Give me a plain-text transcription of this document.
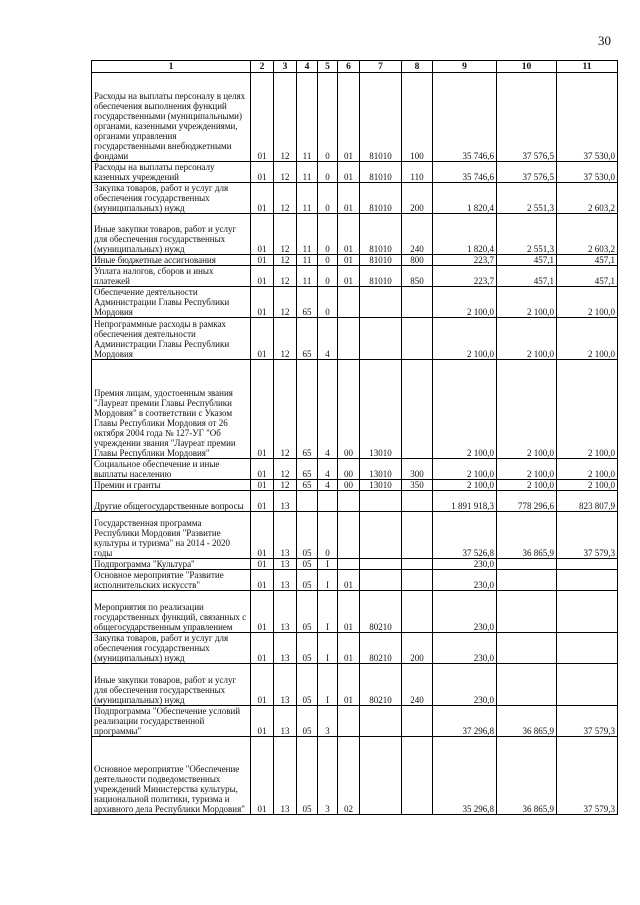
30
1	2	3	4	5	6	7	8	9	10	11
Расходы на выплаты персоналу в целях обеспечения выполнения функций государственными (муниципальными) органами, казенными учреждениями, органами управления государственными внебюджетными фондами	01	12	11	0	01	81010	100	35 746,6	37 576,5	37 530,0
Расходы на выплаты персоналу казенных учреждений	01	12	11	0	01	81010	110	35 746,6	37 576,5	37 530,0
Закупка товаров, работ и услуг для обеспечения государственных (муниципальных) нужд	01	12	11	0	01	81010	200	1 820,4	2 551,3	2 603,2
Иные закупки товаров, работ и услуг для обеспечения государственных (муниципальных) нужд	01	12	11	0	01	81010	240	1 820,4	2 551,3	2 603,2
Иные бюджетные ассигнования	01	12	11	0	01	81010	800	223,7	457,1	457,1
Уплата налогов, сборов и иных платежей	01	12	11	0	01	81010	850	223,7	457,1	457,1
Обеспечение деятельности Администрации Главы Республики Мордовия	01	12	65	0				2 100,0	2 100,0	2 100,0
Непрограммные расходы в рамках обеспечения деятельности Администрации Главы Республики Мордовия	01	12	65	4				2 100,0	2 100,0	2 100,0
Премия лицам, удостоенным звания "Лауреат премии Главы Республики Мордовия" в соответствии с Указом Главы Республики Мордовия от 26 октября 2004 года № 127-УГ "Об учреждении звания "Лауреат премии Главы Республики Мордовия"	01	12	65	4	00	13010		2 100,0	2 100,0	2 100,0
Социальное обеспечение и иные выплаты населению	01	12	65	4	00	13010	300	2 100,0	2 100,0	2 100,0
Премии и гранты	01	12	65	4	00	13010	350	2 100,0	2 100,0	2 100,0
Другие общегосударственные вопросы	01	13						1 891 918,3	778 296,6	823 807,9
Государственная программа Республики Мордовия "Развитие культуры и туризма" на 2014 - 2020 годы	01	13	05	0				37 526,8	36 865,9	37 579,3
Подпрограмма "Культура"	01	13	05	I				230,0		
Основное мероприятие "Развитие исполнительских искусств"	01	13	05	I	01			230,0		
Мероприятия по реализации государственных функций, связанных с общегосударственным управлением	01	13	05	I	01	80210		230,0		
Закупка товаров, работ и услуг для обеспечения государственных (муниципальных) нужд	01	13	05	I	01	80210	200	230,0		
Иные закупки товаров, работ и услуг для обеспечения государственных (муниципальных) нужд	01	13	05	I	01	80210	240	230,0		
Подпрограмма "Обеспечение условий реализации государственной программы"	01	13	05	3				37 296,8	36 865,9	37 579,3
Основное мероприятие "Обеспечение деятельности подведомственных учреждений Министерства культуры, национальной политики, туризма и архивного дела Республики Мордовия"	01	13	05	3	02			35 296,8	36 865,9	37 579,3
